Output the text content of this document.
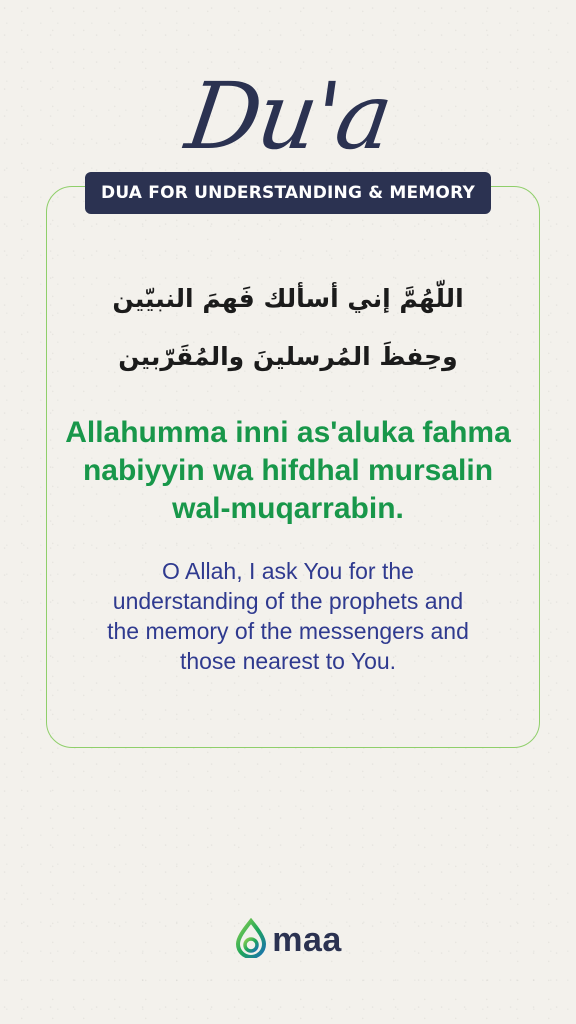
Du'a
DUA FOR UNDERSTANDING & MEMORY
اللّهُمَّ إني أسألك فَهمَ النبيّين
وحِفظَ المُرسلينَ والمُقَرّبين
Allahumma inni as'aluka fahma nabiyyin wa hifdhal mursalin wal-muqarrabin.
O Allah, I ask You for the understanding of the prophets and the memory of the messengers and those nearest to You.
maa
